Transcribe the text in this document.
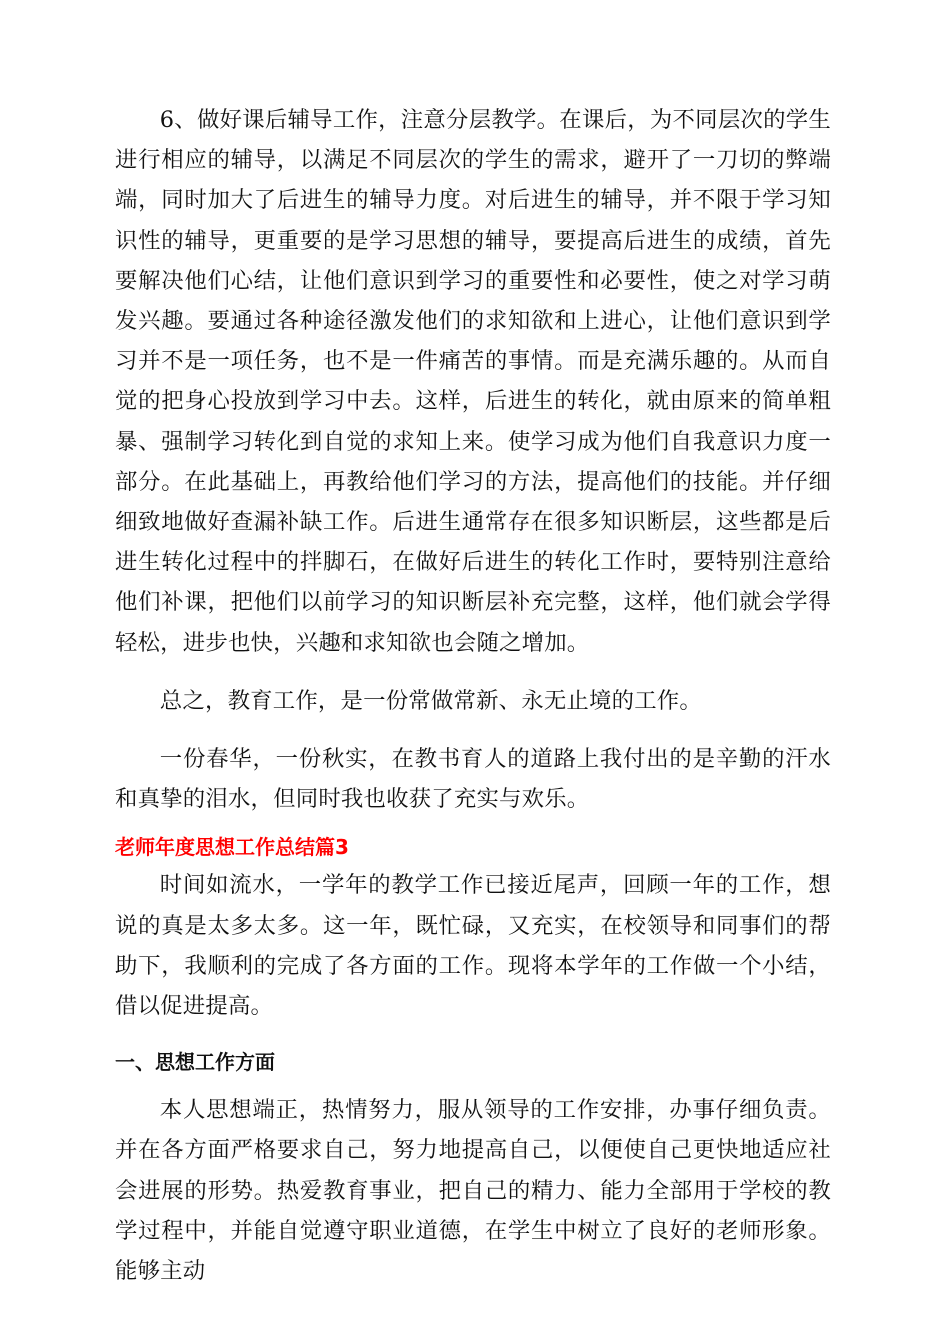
6、做好课后辅导工作，注意分层教学。在课后，为不同层次的学生进行相应的辅导，以满足不同层次的学生的需求，避开了一刀切的弊端端，同时加大了后进生的辅导力度。对后进生的辅导，并不限于学习知识性的辅导，更重要的是学习思想的辅导，要提高后进生的成绩，首先要解决他们心结，让他们意识到学习的重要性和必要性，使之对学习萌发兴趣。要通过各种途径激发他们的求知欲和上进心，让他们意识到学习并不是一项任务，也不是一件痛苦的事情。而是充满乐趣的。从而自觉的把身心投放到学习中去。这样，后进生的转化，就由原来的简单粗暴、强制学习转化到自觉的求知上来。使学习成为他们自我意识力度一部分。在此基础上，再教给他们学习的方法，提高他们的技能。并仔细细致地做好查漏补缺工作。后进生通常存在很多知识断层，这些都是后进生转化过程中的拌脚石，在做好后进生的转化工作时，要特别注意给他们补课，把他们以前学习的知识断层补充完整，这样，他们就会学得轻松，进步也快，兴趣和求知欲也会随之增加。

总之，教育工作，是一份常做常新、永无止境的工作。

一份春华，一份秋实，在教书育人的道路上我付出的是辛勤的汗水和真挚的泪水，但同时我也收获了充实与欢乐。

老师年度思想工作总结篇3

时间如流水，一学年的教学工作已接近尾声，回顾一年的工作，想说的真是太多太多。这一年，既忙碌，又充实，在校领导和同事们的帮助下，我顺利的完成了各方面的工作。现将本学年的工作做一个小结，借以促进提高。

一、思想工作方面

本人思想端正，热情努力，服从领导的工作安排，办事仔细负责。并在各方面严格要求自己，努力地提高自己，以便使自己更快地适应社会进展的形势。热爱教育事业，把自己的精力、能力全部用于学校的教学过程中，并能自觉遵守职业道德，在学生中树立了良好的老师形象。能够主动
